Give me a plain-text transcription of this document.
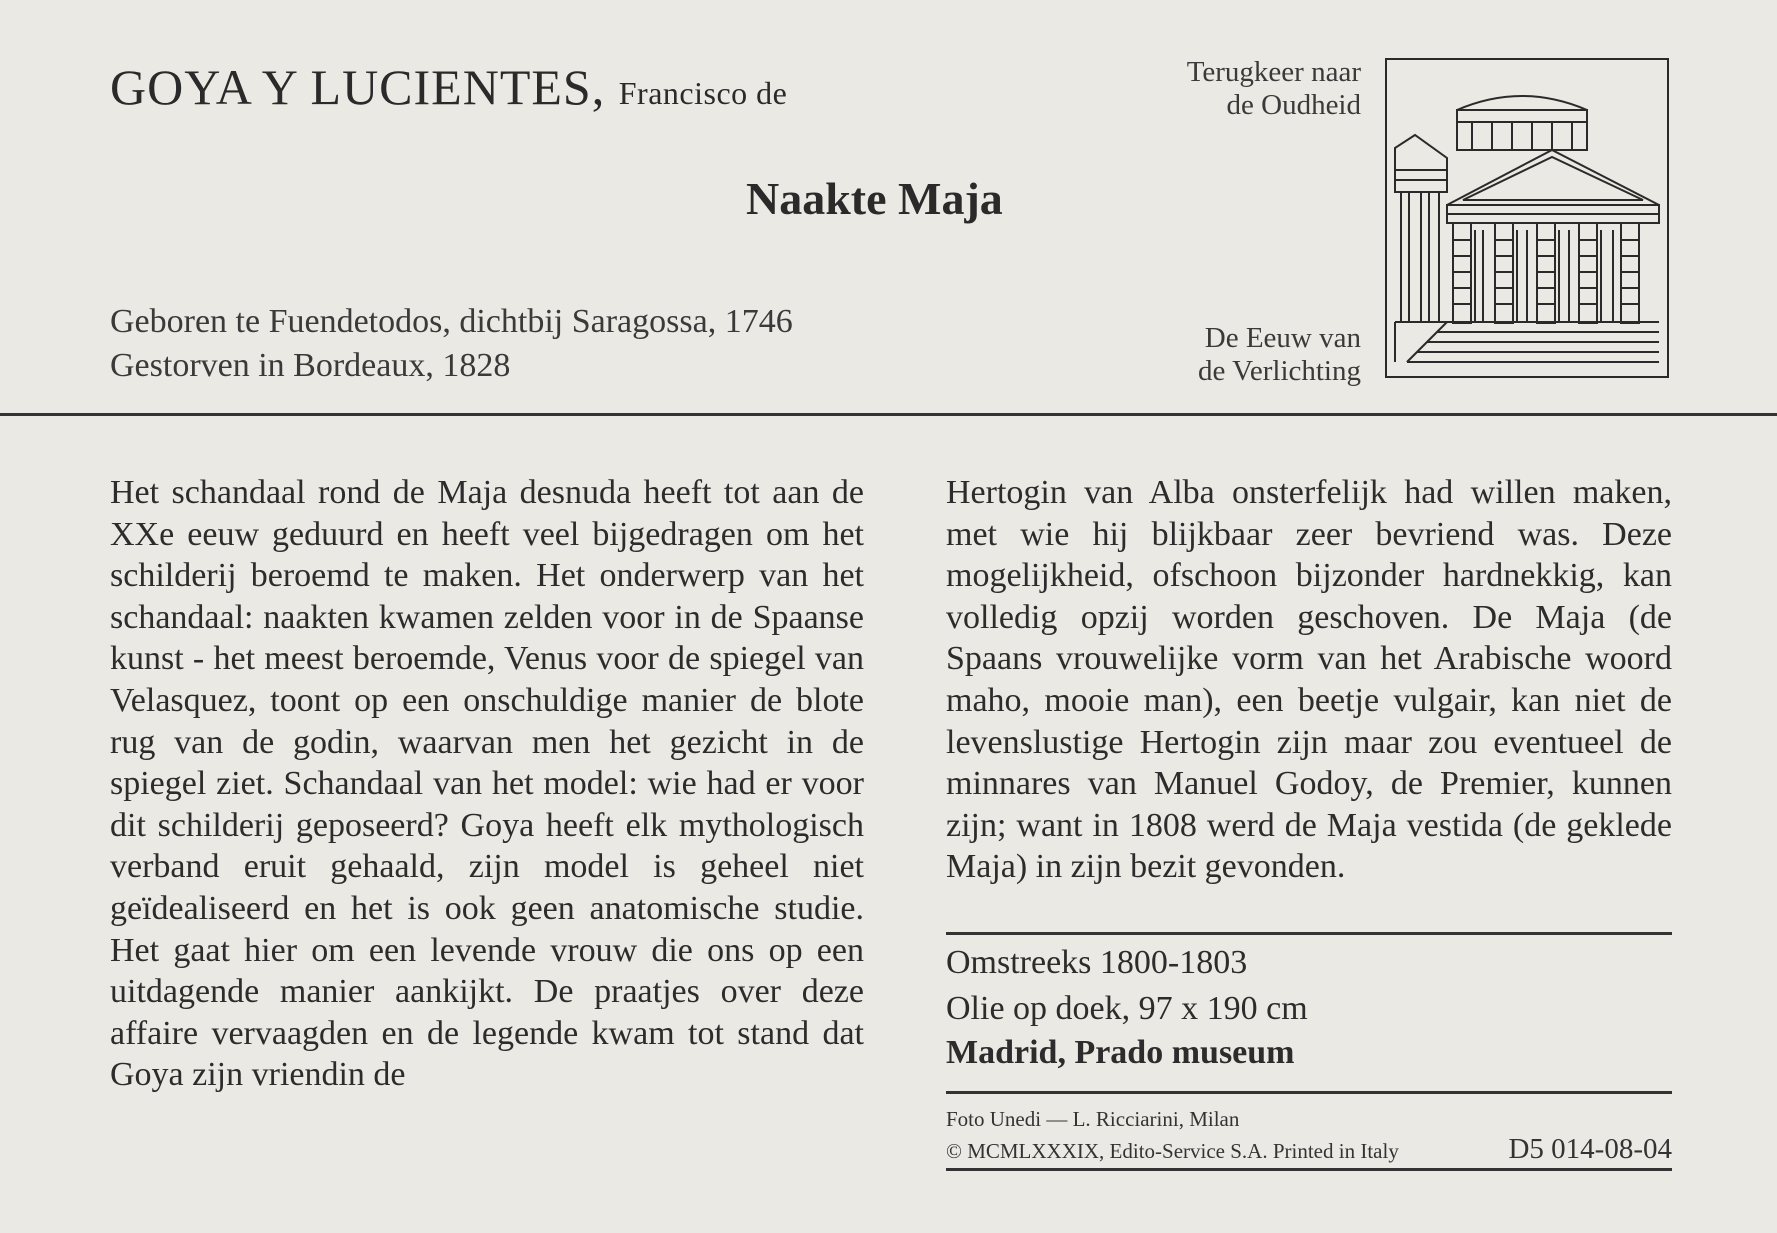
GOYA Y LUCIENTES, Francisco de
Naakte Maja
Geboren te Fuendetodos, dichtbij Saragossa, 1746
Gestorven in Bordeaux, 1828
Terugkeer naar
de Oudheid
De Eeuw van
de Verlichting
Het schandaal rond de Maja desnuda heeft tot aan de XXe eeuw geduurd en heeft veel bijgedragen om het schilderij beroemd te maken. Het onderwerp van het schandaal: naakten kwamen zelden voor in de Spaanse kunst - het meest beroemde, Venus voor de spiegel van Velasquez, toont op een onschuldige manier de blote rug van de godin, waarvan men het gezicht in de spiegel ziet. Schandaal van het model: wie had er voor dit schilderij geposeerd? Goya heeft elk mythologisch verband eruit gehaald, zijn model is geheel niet geïdealiseerd en het is ook geen anatomische studie. Het gaat hier om een levende vrouw die ons op een uitdagende manier aankijkt. De praatjes over deze affaire vervaagden en de legende kwam tot stand dat Goya zijn vriendin de
Hertogin van Alba onsterfelijk had willen maken, met wie hij blijkbaar zeer bevriend was. Deze mogelijkheid, ofschoon bijzonder hardnekkig, kan volledig opzij worden geschoven. De Maja (de Spaans vrouwelijke vorm van het Arabische woord maho, mooie man), een beetje vulgair, kan niet de levenslustige Hertogin zijn maar zou eventueel de minnares van Manuel Godoy, de Premier, kunnen zijn; want in 1808 werd de Maja vestida (de geklede Maja) in zijn bezit gevonden.
Omstreeks 1800-1803
Olie op doek, 97 x 190 cm
Madrid, Prado museum
Foto Unedi — L. Ricciarini, Milan
© MCMLXXXIX, Edito-Service S.A. Printed in Italy	D5 014-08-04
